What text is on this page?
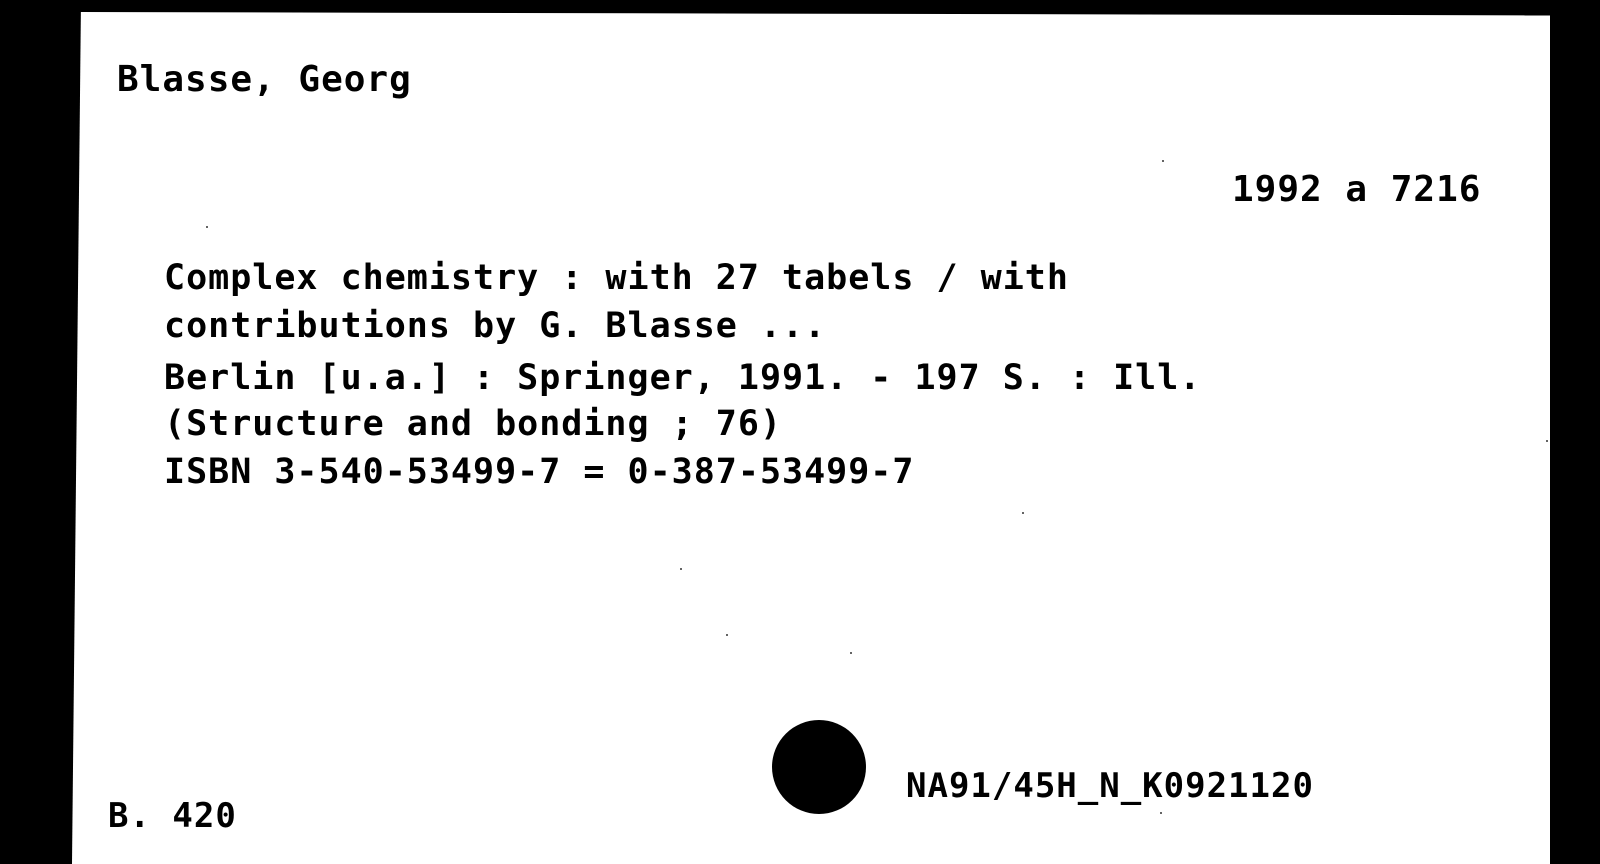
Blasse, Georg
1992 a 7216
Complex chemistry : with 27 tabels / with
contributions by G. Blasse ...
Berlin [u.a.] : Springer, 1991. - 197 S. : Ill.
(Structure and bonding ; 76)
ISBN 3-540-53499-7 = 0-387-53499-7
NA91/45H_N_K0921120
B. 420
